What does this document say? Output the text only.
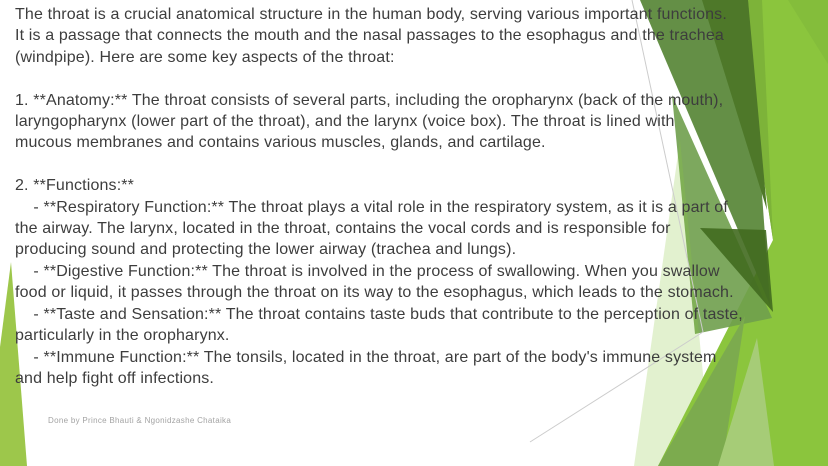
The throat is a crucial anatomical structure in the human body, serving various important functions.
It is a passage that connects the mouth and the nasal passages to the esophagus and the trachea
(windpipe). Here are some key aspects of the throat:

1. **Anatomy:** The throat consists of several parts, including the oropharynx (back of the mouth),
laryngopharynx (lower part of the throat), and the larynx (voice box). The throat is lined with
mucous membranes and contains various muscles, glands, and cartilage.

2. **Functions:**
- **Respiratory Function:** The throat plays a vital role in the respiratory system, as it is a part of
the airway. The larynx, located in the throat, contains the vocal cords and is responsible for
producing sound and protecting the lower airway (trachea and lungs).
- **Digestive Function:** The throat is involved in the process of swallowing. When you swallow
food or liquid, it passes through the throat on its way to the esophagus, which leads to the stomach.
- **Taste and Sensation:** The throat contains taste buds that contribute to the perception of taste,
particularly in the oropharynx.
- **Immune Function:** The tonsils, located in the throat, are part of the body's immune system
and help fight off infections.
Done by Prince Bhauti & Ngonidzashe Chataika
